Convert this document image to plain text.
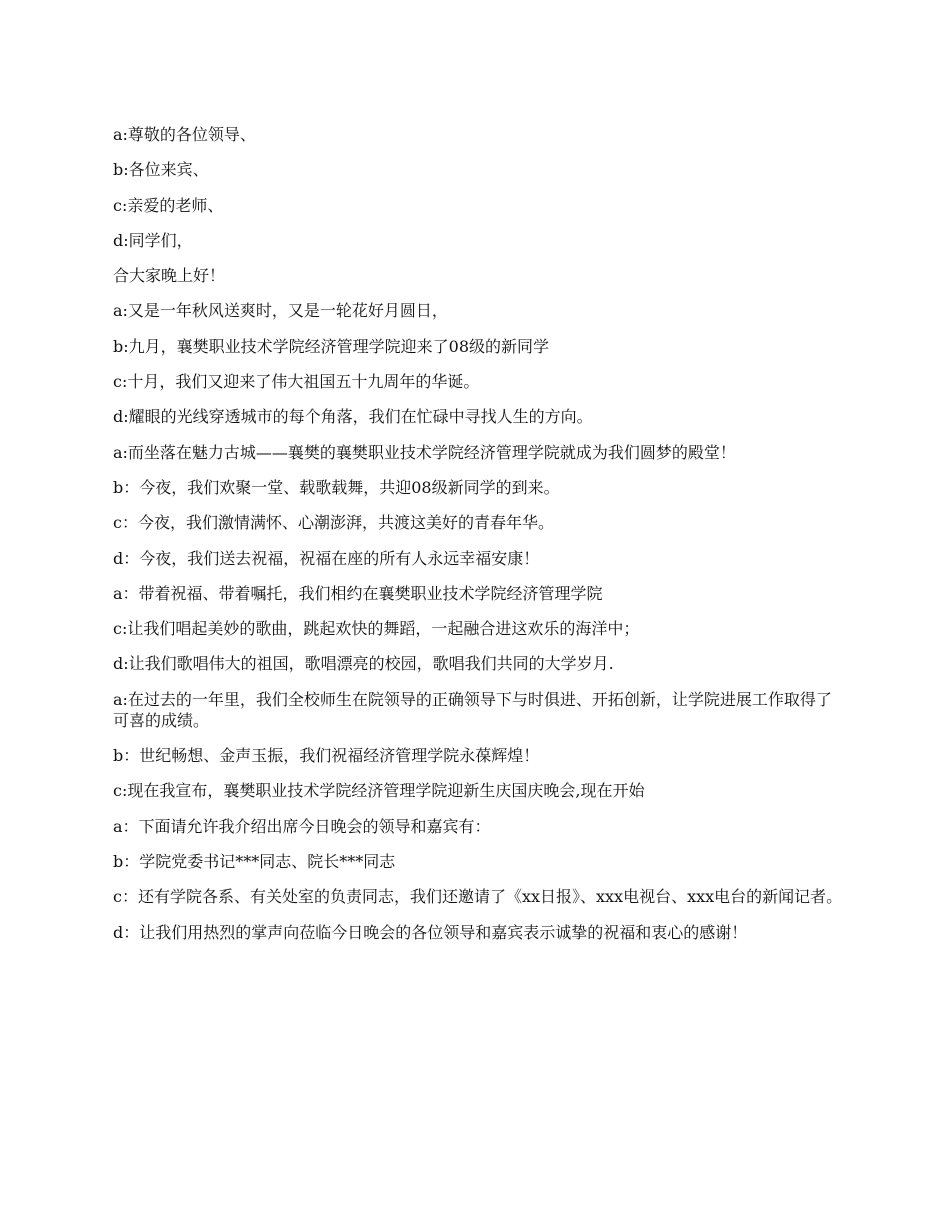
a:尊敬的各位领导、

b:各位来宾、

c:亲爱的老师、

d:同学们，

合大家晚上好！

a:又是一年秋风送爽时，又是一轮花好月圆日，

b:九月，襄樊职业技术学院经济管理学院迎来了08级的新同学

c:十月，我们又迎来了伟大祖国五十九周年的华诞。

d:耀眼的光线穿透城市的每个角落，我们在忙碌中寻找人生的方向。

a:而坐落在魅力古城——襄樊的襄樊职业技术学院经济管理学院就成为我们圆梦的殿堂！

b：今夜，我们欢聚一堂、载歌载舞，共迎08级新同学的到来。

c：今夜，我们激情满怀、心潮澎湃，共渡这美好的青春年华。

d：今夜，我们送去祝福，祝福在座的所有人永远幸福安康！

a：带着祝福、带着嘱托，我们相约在襄樊职业技术学院经济管理学院

c:让我们唱起美妙的歌曲，跳起欢快的舞蹈，一起融合进这欢乐的海洋中；

d:让我们歌唱伟大的祖国，歌唱漂亮的校园，歌唱我们共同的大学岁月.

a:在过去的一年里，我们全校师生在院领导的正确领导下与时俱进、开拓创新，让学院进展工作取得了可喜的成绩。

b：世纪畅想、金声玉振，我们祝福经济管理学院永葆辉煌！

c:现在我宣布，襄樊职业技术学院经济管理学院迎新生庆国庆晚会,现在开始

a：下面请允许我介绍出席今日晚会的领导和嘉宾有：

b：学院党委书记***同志、院长***同志

c：还有学院各系、有关处室的负责同志，我们还邀请了《xx日报》、xxx电视台、xxx电台的新闻记者。

d：让我们用热烈的掌声向莅临今日晚会的各位领导和嘉宾表示诚挚的祝福和衷心的感谢！
